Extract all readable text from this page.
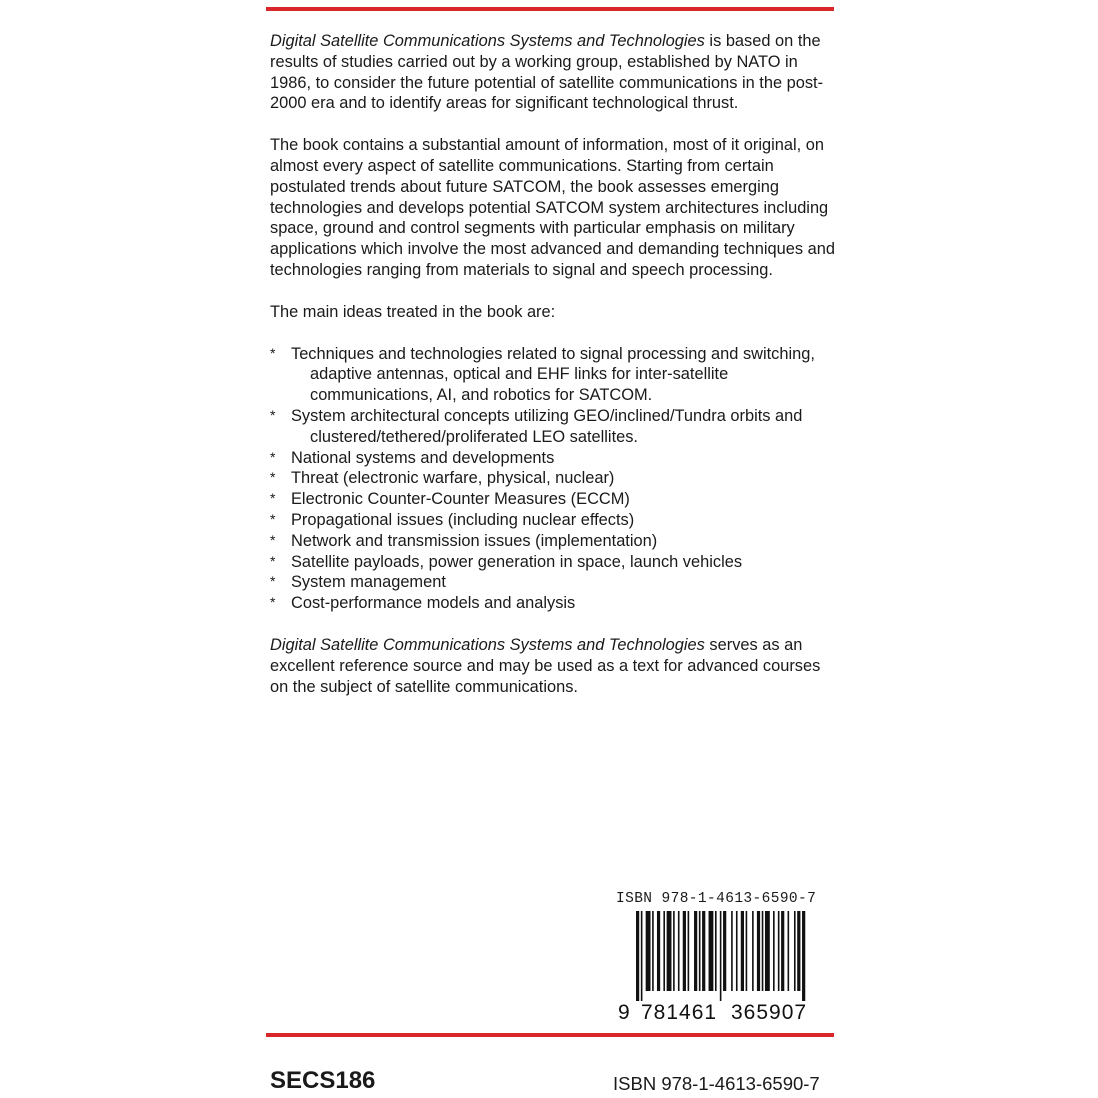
Digital Satellite Communications Systems and Technologies is based on the results of studies carried out by a working group, established by NATO in 1986, to consider the future potential of satellite communications in the post-2000 era and to identify areas for significant technological thrust.

The book contains a substantial amount of information, most of it original, on almost every aspect of satellite communications. Starting from certain postulated trends about future SATCOM, the book assesses emerging technologies and develops potential SATCOM system architectures including space, ground and control segments with particular emphasis on military applications which involve the most advanced and demanding techniques and technologies ranging from materials to signal and speech processing.

The main ideas treated in the book are:

* Techniques and technologies related to signal processing and switching,
adaptive antennas, optical and EHF links for inter-satellite communications, AI, and robotics for SATCOM.
* System architectural concepts utilizing GEO/inclined/Tundra orbits and
clustered/tethered/proliferated LEO satellites.
* National systems and developments
* Threat (electronic warfare, physical, nuclear)
* Electronic Counter-Counter Measures (ECCM)
* Propagational issues (including nuclear effects)
* Network and transmission issues (implementation)
* Satellite payloads, power generation in space, launch vehicles
* System management
* Cost-performance models and analysis

Digital Satellite Communications Systems and Technologies serves as an excellent reference source and may be used as a text for advanced courses on the subject of satellite communications.

ISBN 978-1-4613-6590-7
9 781461 365907
SECS186	ISBN 978-1-4613-6590-7
